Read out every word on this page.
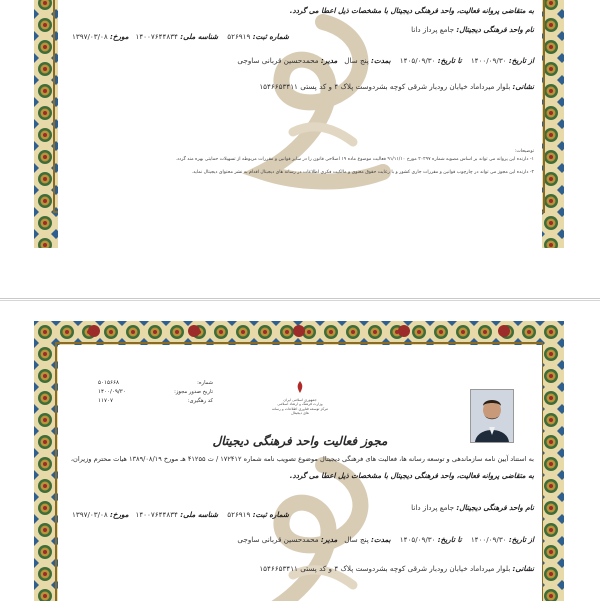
به متقاضی پروانه فعالیت، واحد فرهنگی دیجیتال با مشخصات ذیل اعطا می گردد.
نام واحد فرهنگی دیجیتال: جامع پرداز دانا
شماره ثبت: ۵۲۶۹۱۹    شناسه ملی: ۱۴۰۰۷۶۴۴۸۳۴   مورخ: ۱۳۹۷/۰۳/۰۸
از تاریخ: ۱۴۰۰/۰۹/۳۰    تا تاریخ: ۱۴۰۵/۰۹/۳۰    بمدت: پنج سال   مدیر: محمدحسین قربانی ساوجی
نشانی: بلوار میرداماد خیابان رودبار شرقی کوچه بشردوست پلاک ۴ و کد پستی ۱۵۴۶۶۵۳۴۱۱
توضیحات:
۱- دارنده این پروانه می تواند بر اساس مصوبه شماره ۲۰۲۹۷ مورخ ۹۱/۱۱/۱۰ فعالیت موضوع ماده ۱۹ اصلاحی قانون را در سایر قوانین و مقررات مربوطه از تسهیلات حمایتی بهره مند گردد.
۲- دارنده این مجوز می تواند در چارچوب قوانین و مقررات جاری کشور و با رعایت حقوق معنوی و مالکیت فکری اطلاعات در رسانه های دیجیتال اقدام به نشر محتوای دیجیتال نماید.
شماره:
تاریخ صدور مجوز:
کد رهگیری:
۵۰۱۵۶۶۸
۱۴۰۰/۰۹/۳۰
۱۱۷۰۷	جمهوری اسلامی ایران
وزارت فرهنگ و ارشاد اسلامی
مرکز توسعه فناوری اطلاعات و رسانه های دیجیتال
مجوز فعالیت واحد فرهنگی دیجیتال
به استناد آیین نامه سازماندهی و توسعه رسانه ها، فعالیت های فرهنگی دیجیتال موضوع تصویب نامه شماره ۱۷۲۴۱۲ / ت ۴۱۲۵۵ هـ مورخ ۱۳۸۹/۰۸/۱۹ هیات محترم وزیران،
به متقاضی پروانه فعالیت، واحد فرهنگی دیجیتال با مشخصات ذیل اعطا می گردد.
نام واحد فرهنگی دیجیتال: جامع پرداز دانا
شماره ثبت: ۵۲۶۹۱۹    شناسه ملی: ۱۴۰۰۷۶۴۴۸۳۴   مورخ: ۱۳۹۷/۰۳/۰۸
از تاریخ: ۱۴۰۰/۰۹/۳۰    تا تاریخ: ۱۴۰۵/۰۹/۳۰    بمدت: پنج سال   مدیر: محمدحسین قربانی ساوجی
نشانی: بلوار میرداماد خیابان رودبار شرقی کوچه بشردوست پلاک ۴ و کد پستی ۱۵۴۶۶۵۳۴۱۱
